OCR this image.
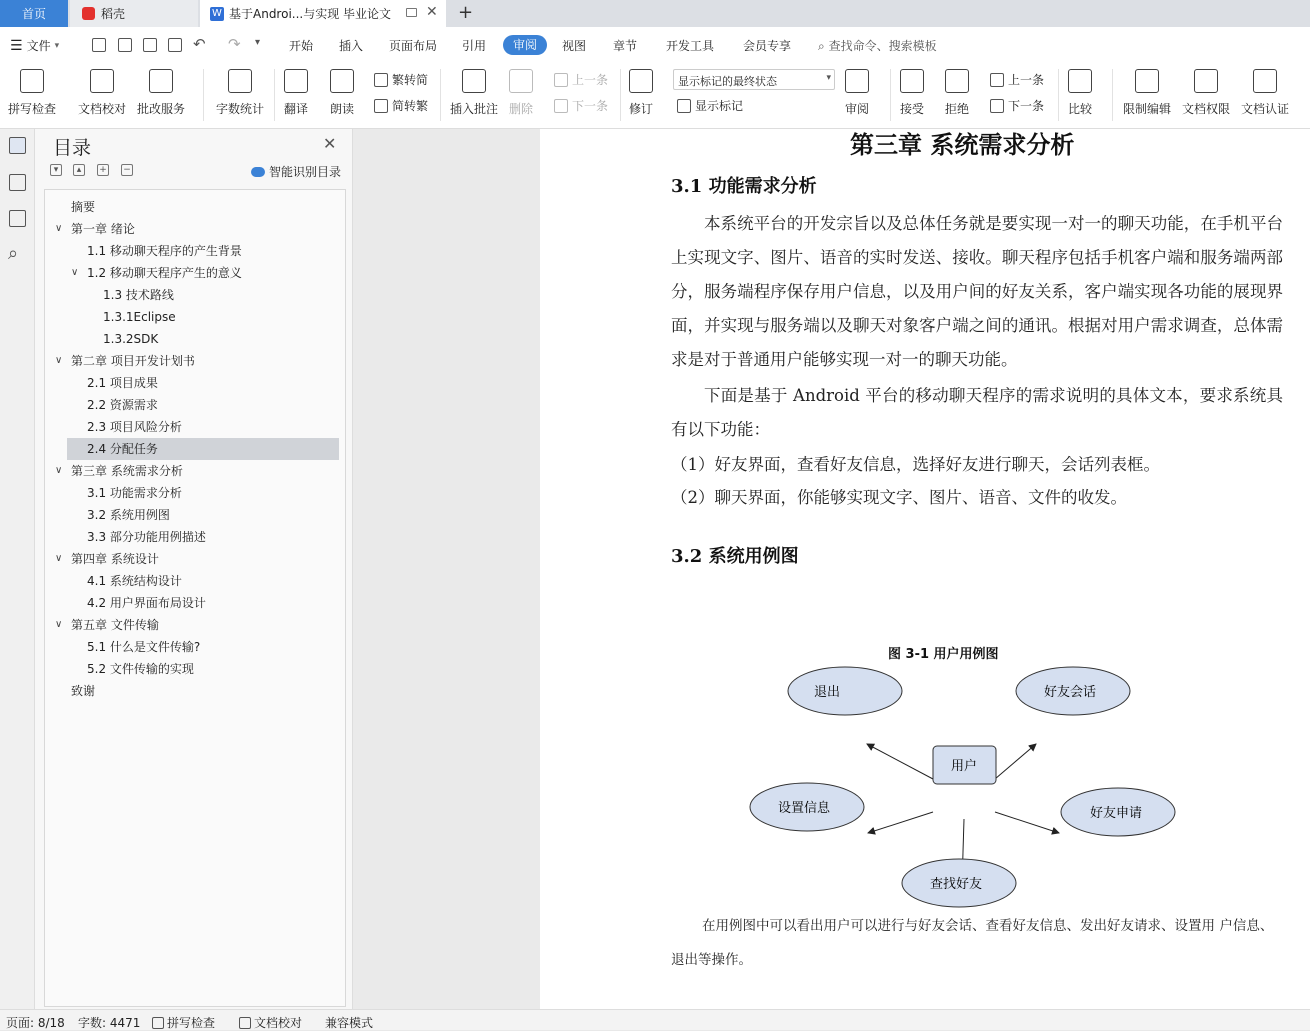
首页	稻壳	W 基于Androi...与实现 毕业论文 ✕ +
☰ 文件 ▾	↶ ↷ ▾ 开始 插入 页面布局 引用	审阅	视图 章节 开发工具 会员专享 ⌕ 查找命令、搜索模板
拼写检查 文档校对 批改服务	字数统计 翻译 朗读
繁转简
简转繁 插入批注 删除
上一条
下一条 修订
显示标记的最终状态	▾
显示标记	审阅	接受 拒绝
上一条
下一条 比较	限制编辑 文档权限 文档认证
⌕
目录	✕
▾	▴	+ −	智能识别目录
摘要
∨ 第一章 绪论
1.1 移动聊天程序的产生背景
∨ 1.2 移动聊天程序产生的意义
1.3 技术路线
1.3.1Eclipse
1.3.2SDK
∨ 第二章 项目开发计划书
2.1 项目成果
2.2 资源需求
2.3 项目风险分析
2.4 分配任务
∨ 第三章 系统需求分析
3.1 功能需求分析
3.2 系统用例图
3.3 部分功能用例描述
∨ 第四章 系统设计
4.1 系统结构设计
4.2 用户界面布局设计
∨ 第五章 文件传输
5.1 什么是文件传输?
5.2 文件传输的实现
致谢
第三章 系统需求分析
3.1 功能需求分析
本系统平台的开发宗旨以及总体任务就是要实现一对一的聊天功能，在手机平台上实现文字、图片、语音的实时发送、接收。聊天程序包括手机客户端和服务端两部分，服务端程序保存用户信息，以及用户间的好友关系，客户端实现各功能的展现界面，并实现与服务端以及聊天对象客户端之间的通讯。根据对用户需求调查，总体需求是对于普通用户能够实现一对一的聊天功能。
下面是基于 Android 平台的移动聊天程序的需求说明的具体文本，要求系统具有以下功能：
（1）好友界面，查看好友信息，选择好友进行聊天，会话列表框。
（2）聊天界面，你能够实现文字、图片、语音、文件的收发。
3.2 系统用例图
图 3-1 用户用例图
用户
退出	好友会话
设置信息	好友申请
查找好友
在用例图中可以看出用户可以进行与好友会话、查看好友信息、发出好友请求、设置用 户信息、退出等操作。
页面: 8/18 字数: 4471 拼写检查	文档校对 兼容模式
